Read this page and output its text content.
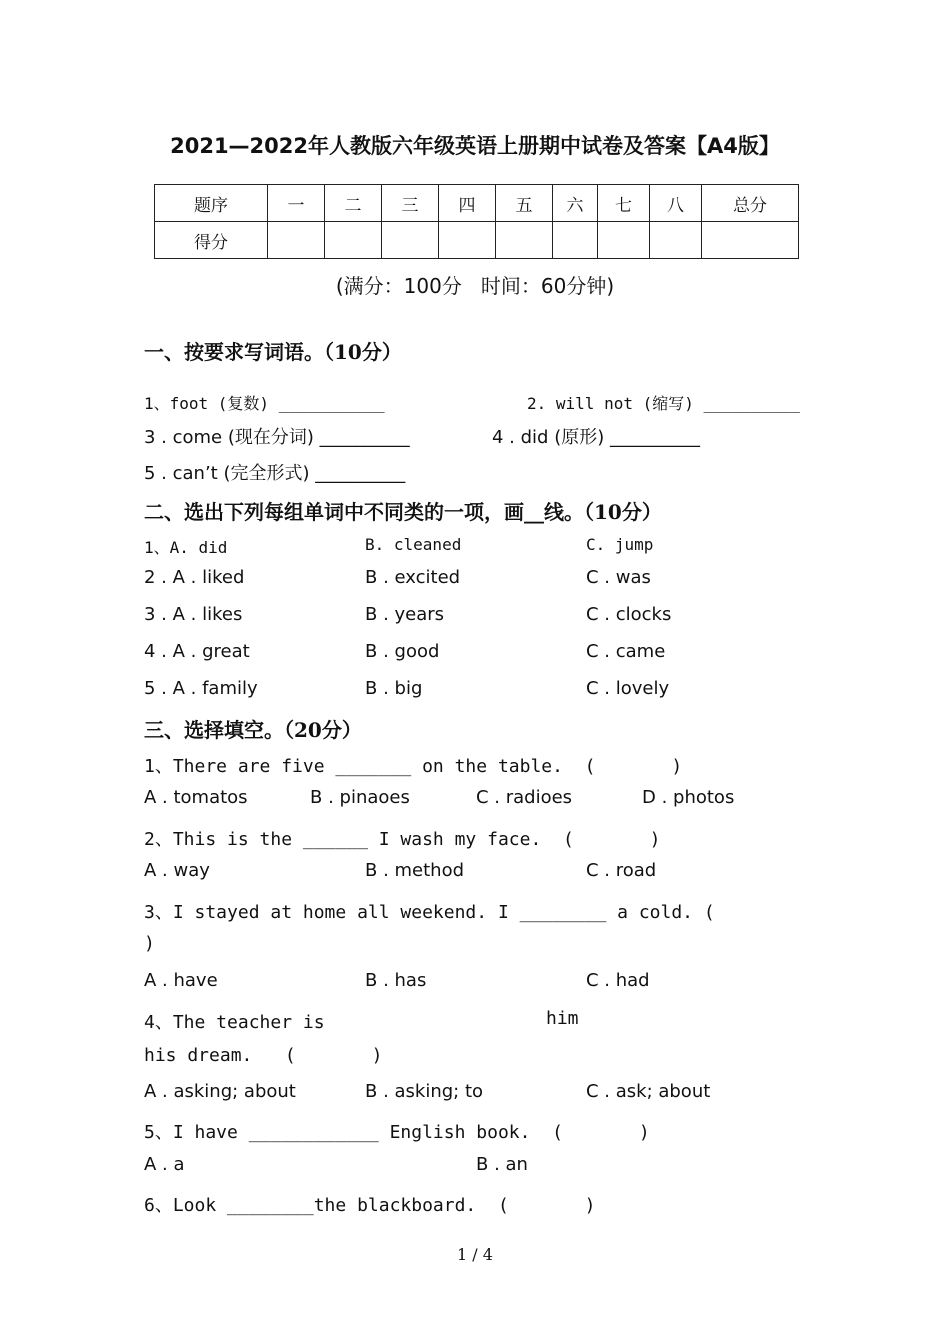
2021—2022年人教版六年级英语上册期中试卷及答案【A4版】
题序	一	二	三	四	五	六	七	八	总分
得分									
(满分：100分   时间：60分钟)
一、按要求写词语。（10分）
1、foot (复数) ___________	2. will not (缩写) __________
3 . come (现在分词) __________	4 . did (原形) __________
5 . can’t (完全形式) __________
二、选出下列每组单词中不同类的一项，画__线。（10分）
1、A. did	B. cleaned	C. jump
2 . A . liked	B . excited	C . was
3 . A . likes	B . years	C . clocks
4 . A . great	B . good	C . came
5 . A . family	B . big	C . lovely
三、选择填空。（20分）
1、There are five _______ on the table.  (       )
A . tomatos	B . pinaoes	C . radioes	D . photos
2、This is the ______ I wash my face.  (       )
A . way	B . method	C . road
3、I stayed at home all weekend. I ________ a cold. (
)
A . have	B . has	C . had
4、The teacher is	him
his dream.   (       )
A . asking; about	B . asking; to	C . ask; about
5、I have ____________ English book.  (       )
A . a	B . an
6、Look ________the blackboard.  (       )
1 / 4
